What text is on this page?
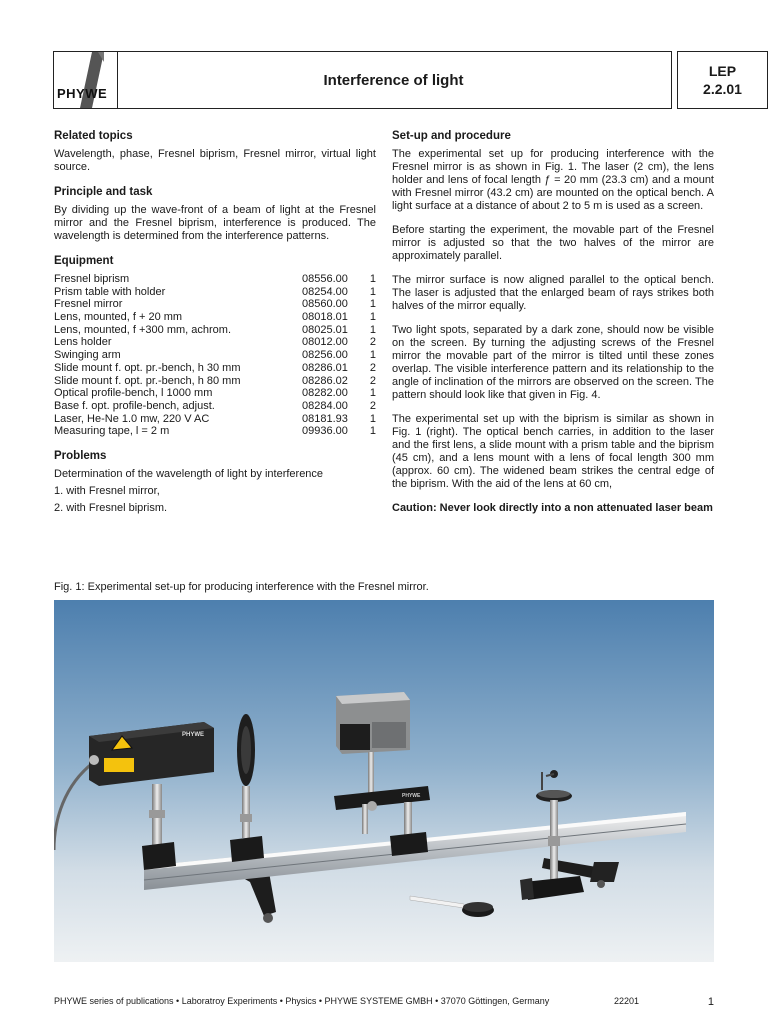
PHYWE
Interference of light
LEP
2.2.01
Related topics

Wavelength, phase, Fresnel biprism, Fresnel mirror, virtual light source.

Principle and task

By dividing up the wave-front of a beam of light at the Fresnel mirror and the Fresnel biprism, interference is produced. The wavelength is determined from the interference patterns.

Equipment
Fresnel biprism	08556.00	1
Prism table with holder	08254.00	1
Fresnel mirror	08560.00	1
Lens, mounted, f + 20 mm	08018.01	1
Lens, mounted, f +300 mm, achrom.	08025.01	1
Lens holder	08012.00	2
Swinging arm	08256.00	1
Slide mount f. opt. pr.-bench, h 30 mm	08286.01	2
Slide mount f. opt. pr.-bench, h 80 mm	08286.02	2
Optical profile-bench, l 1000 mm	08282.00	1
Base f. opt. profile-bench, adjust.	08284.00	2
Laser, He-Ne 1.0 mw, 220 V AC	08181.93	1
Measuring tape, l = 2 m	09936.00	1
Problems

Determination of the wavelength of light by interference

1. with Fresnel mirror,

2. with Fresnel biprism.

Set-up and procedure

The experimental set up for producing interference with the Fresnel mirror is as shown in Fig. 1. The laser (2 cm), the lens holder and lens of focal length ƒ = 20 mm (23.3 cm) and a mount with Fresnel mirror (43.2 cm) are mounted on the optical bench. A light surface at a distance of about 2 to 5 m is used as a screen.

Before starting the experiment, the movable part of the Fresnel mirror is adjusted so that the two halves of the mirror are approximately parallel.

The mirror surface is now aligned parallel to the optical bench. The laser is adjusted that the enlarged beam of rays strikes both halves of the mirror equally.

Two light spots, separated by a dark zone, should now be visible on the screen. By turning the adjusting screws of the Fresnel mirror the movable part of the mirror is tilted until these zones overlap. The visible interference pattern and its relationship to the angle of inclination of the mirrors are observed on the screen. The pattern should look like that given in Fig. 4.

The experimental set up with the biprism is similar as shown in Fig. 1 (right). The optical bench carries, in addition to the laser and the first lens, a slide mount with a prism table and the biprism (45 cm), and a lens mount with a lens of focal length 300 mm (approx. 60 cm). The widened beam strikes the central edge of the biprism. With the aid of the lens at 60 cm,

Caution: Never look directly into a non attenuated laser beam

Fig. 1: Experimental set-up for producing interference with the Fresnel mirror.
PHYWE
PHYWE
PHYWE series of publications • Laboratroy Experiments • Physics • PHYWE SYSTEME GMBH • 37070 Göttingen, Germany	22201	1
